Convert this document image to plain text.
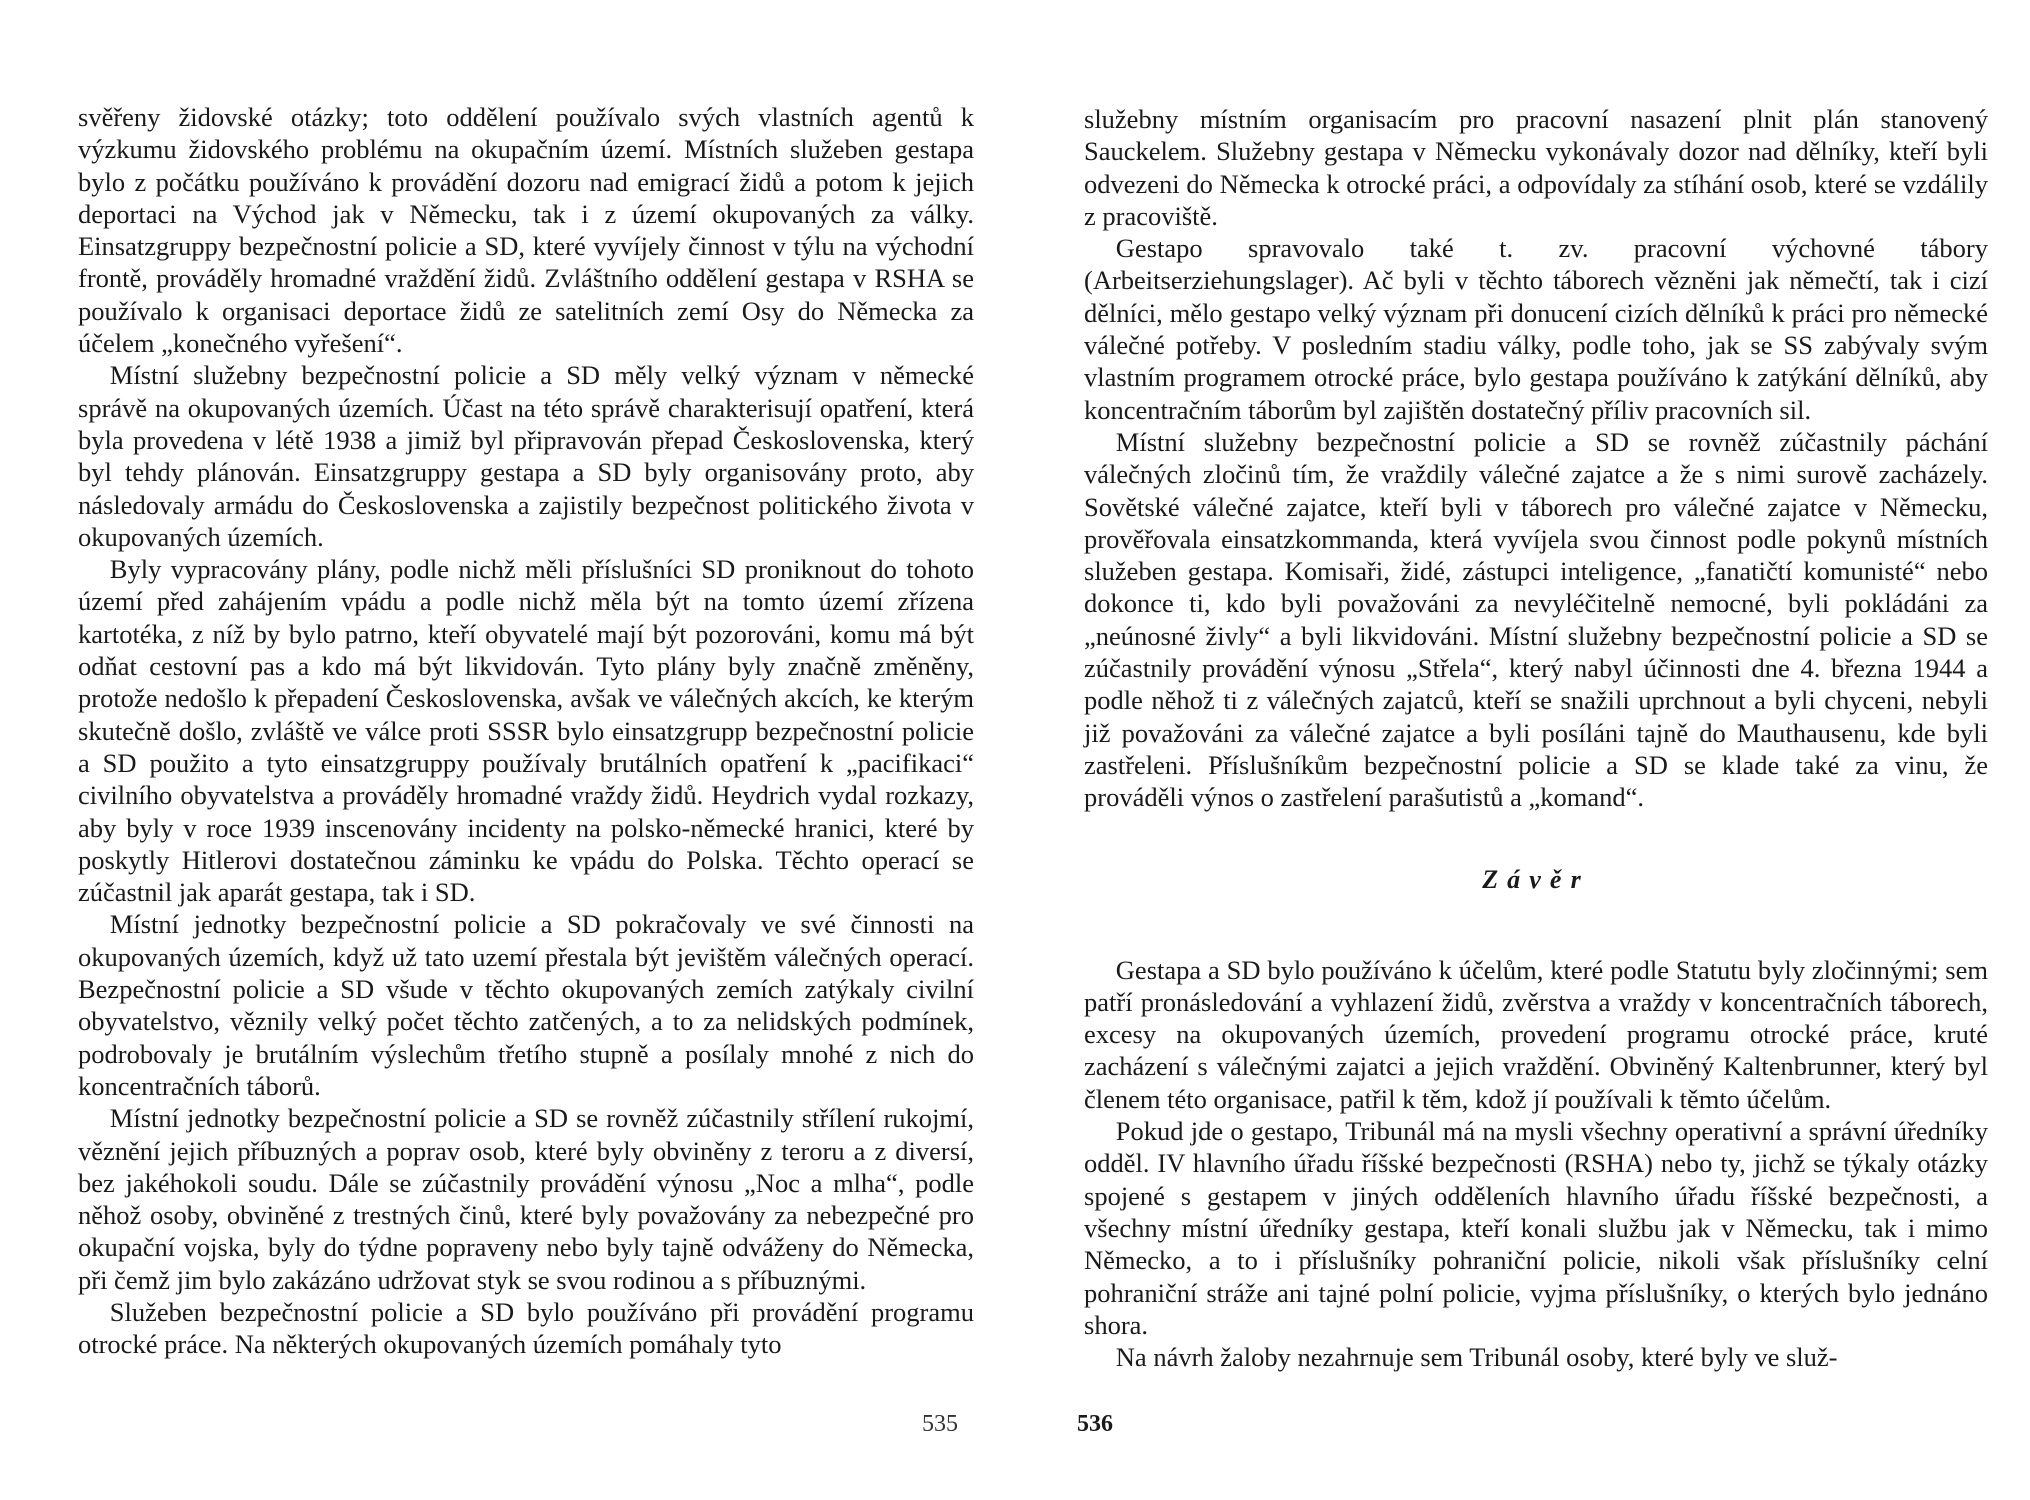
svěřeny židovské otázky; toto oddělení používalo svých vlastních agentů k výzkumu židovského problému na okupačním území. Místních služeben gestapa bylo z počátku používáno k provádění dozoru nad emigrací židů a potom k jejich deportaci na Východ jak v Německu, tak i z území okupovaných za války. Einsatzgruppy bezpečnostní policie a SD, které vyvíjely činnost v týlu na východní frontě, prováděly hromadné vraždění židů. Zvláštního oddělení gestapa v RSHA se používalo k organisaci deportace židů ze satelitních zemí Osy do Německa za účelem „konečného vyřešení“.

Místní služebny bezpečnostní policie a SD měly velký význam v německé správě na okupovaných územích. Účast na této správě charakterisují opatření, která byla provedena v létě 1938 a jimiž byl připravován přepad Československa, který byl tehdy plánován. Einsatzgruppy gestapa a SD byly organisovány proto, aby následovaly armádu do Československa a zajistily bezpečnost politického života v okupovaných územích.

Byly vypracovány plány, podle nichž měli příslušníci SD proniknout do tohoto území před zahájením vpádu a podle nichž měla být na tomto území zřízena kartotéka, z níž by bylo patrno, kteří obyvatelé mají být pozorováni, komu má být odňat cestovní pas a kdo má být likvidován. Tyto plány byly značně změněny, protože nedošlo k přepadení Československa, avšak ve válečných akcích, ke kterým skutečně došlo, zvláště ve válce proti SSSR bylo einsatzgrupp bezpečnostní policie a SD použito a tyto einsatzgruppy používaly brutálních opatření k „pacifikaci“ civilního obyvatelstva a prováděly hromadné vraždy židů. Heydrich vydal rozkazy, aby byly v roce 1939 inscenovány incidenty na polsko-německé hranici, které by poskytly Hitlerovi dostatečnou záminku ke vpádu do Polska. Těchto operací se zúčastnil jak aparát gestapa, tak i SD.

Místní jednotky bezpečnostní policie a SD pokračovaly ve své činnosti na okupovaných územích, když už tato uzemí přestala být jevištěm válečných operací. Bezpečnostní policie a SD všude v těchto okupovaných zemích zatýkaly civilní obyvatelstvo, věznily velký počet těchto zatčených, a to za nelidských podmínek, podrobovaly je brutálním výslechům třetího stupně a posílaly mnohé z nich do koncentračních táborů.

Místní jednotky bezpečnostní policie a SD se rovněž zúčastnily střílení rukojmí, věznění jejich příbuzných a poprav osob, které byly obviněny z teroru a z diversí, bez jakéhokoli soudu. Dále se zúčastnily provádění výnosu „Noc a mlha“, podle něhož osoby, obviněné z trestných činů, které byly považovány za nebezpečné pro okupační vojska, byly do týdne popraveny nebo byly tajně odváženy do Německa, při čemž jim bylo zakázáno udržovat styk se svou rodinou a s příbuznými.

Služeben bezpečnostní policie a SD bylo používáno při provádění programu otrocké práce. Na některých okupovaných územích pomáhaly tyto

535

služebny místním organisacím pro pracovní nasazení plnit plán stanovený Sauckelem. Služebny gestapa v Německu vykonávaly dozor nad dělníky, kteří byli odvezeni do Německa k otrocké práci, a odpovídaly za stíhání osob, které se vzdálily z pracoviště.

Gestapo spravovalo také t. zv. pracovní výchovné tábory (Arbeitserziehungslager). Ač byli v těchto táborech vězněni jak němečtí, tak i cizí dělníci, mělo gestapo velký význam při donucení cizích dělníků k práci pro německé válečné potřeby. V posledním stadiu války, podle toho, jak se SS zabývaly svým vlastním programem otrocké práce, bylo gestapa používáno k zatýkání dělníků, aby koncentračním táborům byl zajištěn dostatečný příliv pracovních sil.

Místní služebny bezpečnostní policie a SD se rovněž zúčastnily páchání válečných zločinů tím, že vraždily válečné zajatce a že s nimi surově zacházely. Sovětské válečné zajatce, kteří byli v táborech pro válečné zajatce v Německu, prověřovala einsatzkommanda, která vyvíjela svou činnost podle pokynů místních služeben gestapa. Komisaři, židé, zástupci inteligence, „fanatičtí komunisté“ nebo dokonce ti, kdo byli považováni za nevyléčitelně nemocné, byli pokládáni za „neúnosné živly“ a byli likvidováni. Místní služebny bezpečnostní policie a SD se zúčastnily provádění výnosu „Střela“, který nabyl účinnosti dne 4. března 1944 a podle něhož ti z válečných zajatců, kteří se snažili uprchnout a byli chyceni, nebyli již považováni za válečné zajatce a byli posíláni tajně do Mauthausenu, kde byli zastřeleni. Příslušníkům bezpečnostní policie a SD se klade také za vinu, že prováděli výnos o zastřelení parašutistů a „komand“.

Závěr

Gestapa a SD bylo používáno k účelům, které podle Statutu byly zločinnými; sem patří pronásledování a vyhlazení židů, zvěrstva a vraždy v koncentračních táborech, excesy na okupovaných územích, provedení programu otrocké práce, kruté zacházení s válečnými zajatci a jejich vraždění. Obviněný Kaltenbrunner, který byl členem této organisace, patřil k těm, kdož jí používali k těmto účelům.

Pokud jde o gestapo, Tribunál má na mysli všechny operativní a správní úředníky odděl. IV hlavního úřadu říšské bezpečnosti (RSHA) nebo ty, jichž se týkaly otázky spojené s gestapem v jiných odděleních hlavního úřadu říšské bezpečnosti, a všechny místní úředníky gestapa, kteří konali službu jak v Německu, tak i mimo Německo, a to i příslušníky pohraniční policie, nikoli však příslušníky celní pohraniční stráže ani tajné polní policie, vyjma příslušníky, o kterých bylo jednáno shora.

Na návrh žaloby nezahrnuje sem Tribunál osoby, které byly ve služ-

536
